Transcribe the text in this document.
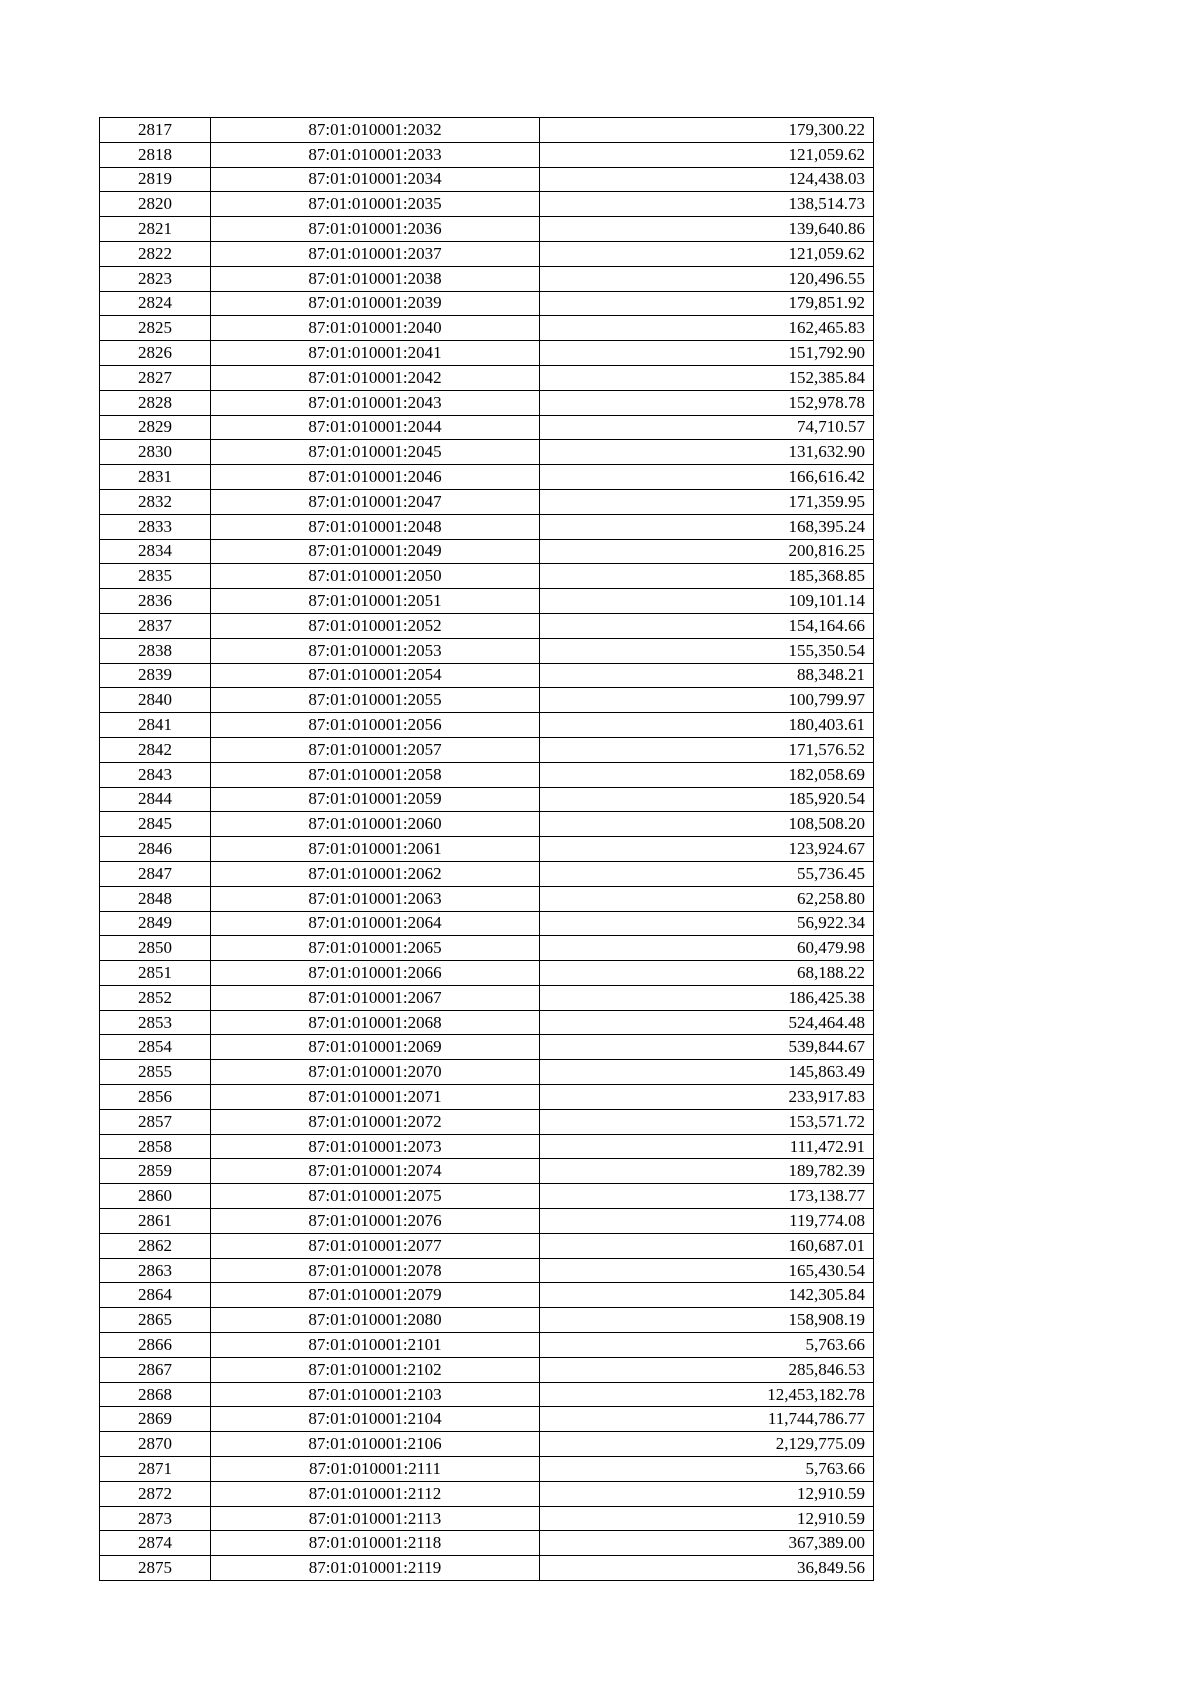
2817	87:01:010001:2032	179,300.22
2818	87:01:010001:2033	121,059.62
2819	87:01:010001:2034	124,438.03
2820	87:01:010001:2035	138,514.73
2821	87:01:010001:2036	139,640.86
2822	87:01:010001:2037	121,059.62
2823	87:01:010001:2038	120,496.55
2824	87:01:010001:2039	179,851.92
2825	87:01:010001:2040	162,465.83
2826	87:01:010001:2041	151,792.90
2827	87:01:010001:2042	152,385.84
2828	87:01:010001:2043	152,978.78
2829	87:01:010001:2044	74,710.57
2830	87:01:010001:2045	131,632.90
2831	87:01:010001:2046	166,616.42
2832	87:01:010001:2047	171,359.95
2833	87:01:010001:2048	168,395.24
2834	87:01:010001:2049	200,816.25
2835	87:01:010001:2050	185,368.85
2836	87:01:010001:2051	109,101.14
2837	87:01:010001:2052	154,164.66
2838	87:01:010001:2053	155,350.54
2839	87:01:010001:2054	88,348.21
2840	87:01:010001:2055	100,799.97
2841	87:01:010001:2056	180,403.61
2842	87:01:010001:2057	171,576.52
2843	87:01:010001:2058	182,058.69
2844	87:01:010001:2059	185,920.54
2845	87:01:010001:2060	108,508.20
2846	87:01:010001:2061	123,924.67
2847	87:01:010001:2062	55,736.45
2848	87:01:010001:2063	62,258.80
2849	87:01:010001:2064	56,922.34
2850	87:01:010001:2065	60,479.98
2851	87:01:010001:2066	68,188.22
2852	87:01:010001:2067	186,425.38
2853	87:01:010001:2068	524,464.48
2854	87:01:010001:2069	539,844.67
2855	87:01:010001:2070	145,863.49
2856	87:01:010001:2071	233,917.83
2857	87:01:010001:2072	153,571.72
2858	87:01:010001:2073	111,472.91
2859	87:01:010001:2074	189,782.39
2860	87:01:010001:2075	173,138.77
2861	87:01:010001:2076	119,774.08
2862	87:01:010001:2077	160,687.01
2863	87:01:010001:2078	165,430.54
2864	87:01:010001:2079	142,305.84
2865	87:01:010001:2080	158,908.19
2866	87:01:010001:2101	5,763.66
2867	87:01:010001:2102	285,846.53
2868	87:01:010001:2103	12,453,182.78
2869	87:01:010001:2104	11,744,786.77
2870	87:01:010001:2106	2,129,775.09
2871	87:01:010001:2111	5,763.66
2872	87:01:010001:2112	12,910.59
2873	87:01:010001:2113	12,910.59
2874	87:01:010001:2118	367,389.00
2875	87:01:010001:2119	36,849.56
